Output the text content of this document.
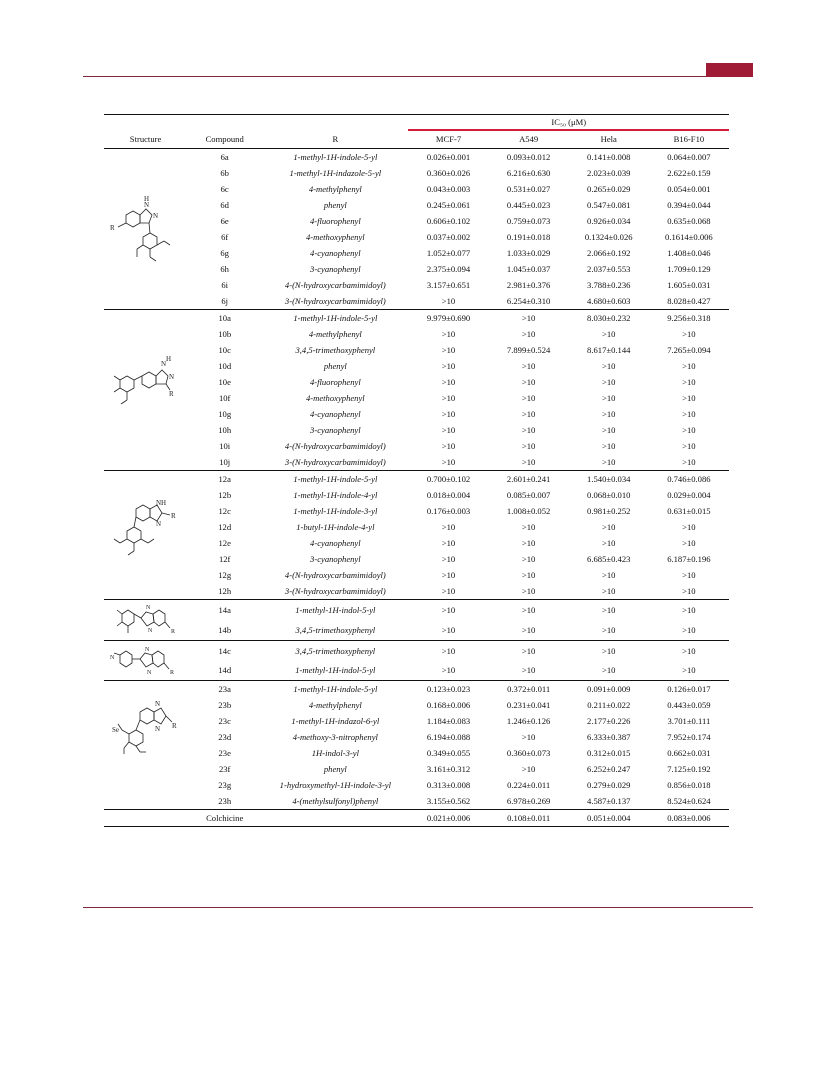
			IC₅₀ (μM)			
Structure	Compound	R	MCF-7	A549	Hela	B16-F10

N
H
N
R	6a	1-methyl-1H-indole-5-yl	0.026±0.001	0.093±0.012	0.141±0.008	0.064±0.007
	6b	1-methyl-1H-indazole-5-yl	0.360±0.026	6.216±0.630	2.023±0.039	2.622±0.159
	6c	4-methylphenyl	0.043±0.003	0.531±0.027	0.265±0.029	0.054±0.001
	6d	phenyl	0.245±0.061	0.445±0.023	0.547±0.081	0.394±0.044
	6e	4-fluorophenyl	0.606±0.102	0.759±0.073	0.926±0.034	0.635±0.068
	6f	4-methoxyphenyl	0.037±0.002	0.191±0.018	0.1324±0.026	0.1614±0.006
	6g	4-cyanophenyl	1.052±0.077	1.033±0.029	2.066±0.192	1.408±0.046
	6h	3-cyanophenyl	2.375±0.094	1.045±0.037	2.037±0.553	1.709±0.129
	6i	4-(N-hydroxycarbamimidoyl)	3.157±0.651	2.981±0.376	3.788±0.236	1.605±0.031
	6j	3-(N-hydroxycarbamimidoyl)	>10	6.254±0.310	4.680±0.603	8.028±0.427

N
H
N
R	10a	1-methyl-1H-indole-5-yl	9.979±0.690	>10	8.030±0.232	9.256±0.318
	10b	4-methylphenyl	>10	>10	>10	>10
	10c	3,4,5-trimethoxyphenyl	>10	7.899±0.524	8.617±0.144	7.265±0.094
	10d	phenyl	>10	>10	>10	>10
	10e	4-fluorophenyl	>10	>10	>10	>10
	10f	4-methoxyphenyl	>10	>10	>10	>10
	10g	4-cyanophenyl	>10	>10	>10	>10
	10h	3-cyanophenyl	>10	>10	>10	>10
	10i	4-(N-hydroxycarbamimidoyl)	>10	>10	>10	>10
	10j	3-(N-hydroxycarbamimidoyl)	>10	>10	>10	>10

NH
N
R	12a	1-methyl-1H-indole-5-yl	0.700±0.102	2.601±0.241	1.540±0.034	0.746±0.086
	12b	1-methyl-1H-indole-4-yl	0.018±0.004	0.085±0.007	0.068±0.010	0.029±0.004
	12c	1-methyl-1H-indole-3-yl	0.176±0.003	1.008±0.052	0.981±0.252	0.631±0.015
	12d	1-butyl-1H-indole-4-yl	>10	>10	>10	>10
	12e	4-cyanophenyl	>10	>10	>10	>10
	12f	3-cyanophenyl	>10	>10	6.685±0.423	6.187±0.196
	12g	4-(N-hydroxycarbamimidoyl)	>10	>10	>10	>10
	12h	3-(N-hydroxycarbamimidoyl)	>10	>10	>10	>10

N
N R	14a	1-methyl-1H-indol-5-yl	>10	>10	>10	>10
	14b	3,4,5-trimethoxyphenyl	>10	>10	>10	>10

N
N
N R	14c	3,4,5-trimethoxyphenyl	>10	>10	>10	>10
	14d	1-methyl-1H-indol-5-yl	>10	>10	>10	>10

N
N R
Se	23a	1-methyl-1H-indole-5-yl	0.123±0.023	0.372±0.011	0.091±0.009	0.126±0.017
	23b	4-methylphenyl	0.168±0.006	0.231±0.041	0.211±0.022	0.443±0.059
	23c	1-methyl-1H-indazol-6-yl	1.184±0.083	1.246±0.126	2.177±0.226	3.701±0.111
	23d	4-methoxy-3-nitrophenyl	6.194±0.088	>10	6.333±0.387	7.952±0.174
	23e	1H-indol-3-yl	0.349±0.055	0.360±0.073	0.312±0.015	0.662±0.031
	23f	phenyl	3.161±0.312	>10	6.252±0.247	7.125±0.192
	23g	1-hydroxymethyl-1H-indole-3-yl	0.313±0.008	0.224±0.011	0.279±0.029	0.856±0.018
	23h	4-(methylsulfonyl)phenyl	3.155±0.562	6.978±0.269	4.587±0.137	8.524±0.624
	Colchicine		0.021±0.006	0.108±0.011	0.051±0.004	0.083±0.006
